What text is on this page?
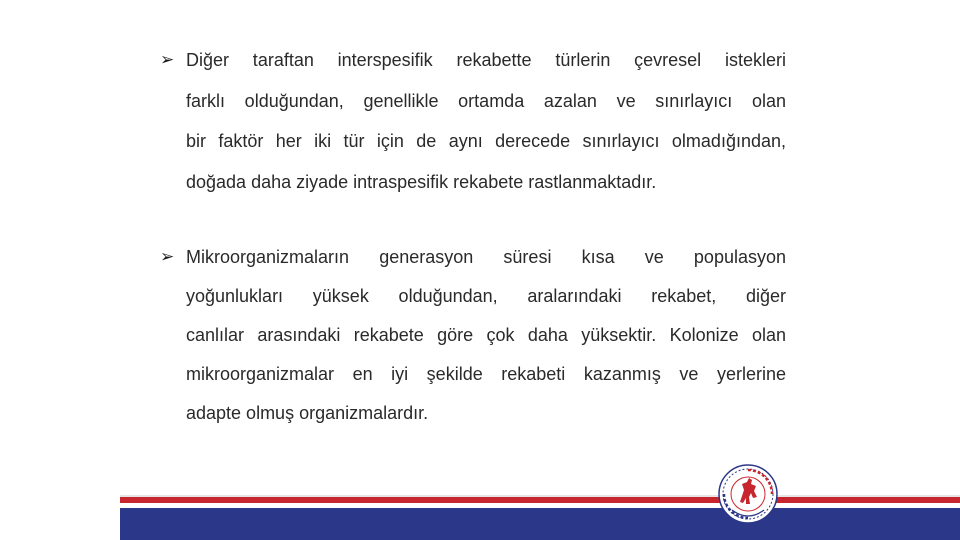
➢ Diğer taraftan interspesifik rekabette türlerin çevresel istekleri
farklı olduğundan, genellikle ortamda azalan ve sınırlayıcı olan
bir faktör her iki tür için de aynı derecede sınırlayıcı olmadığından,
doğada daha ziyade intraspesifik rekabete rastlanmaktadır.
➢ Mikroorganizmaların generasyon süresi kısa ve populasyon
yoğunlukları yüksek olduğundan, aralarındaki rekabet, diğer
canlılar arasındaki rekabete göre çok daha yüksektir. Kolonize olan
mikroorganizmalar en iyi şekilde rekabeti kazanmış ve yerlerine
adapte olmuş organizmalardır.
